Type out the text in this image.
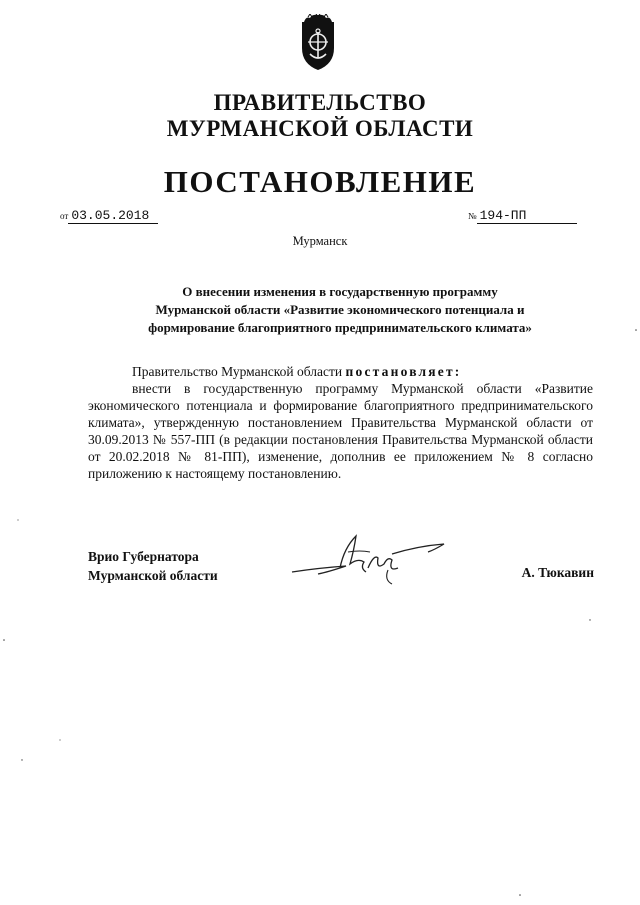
ПРАВИТЕЛЬСТВО
МУРМАНСКОЙ ОБЛАСТИ
ПОСТАНОВЛЕНИЕ
от 03.05.2018	№ 194-ПП
Мурманск
О внесении изменения в государственную программу
Мурманской области «Развитие экономического потенциала и
формирование благоприятного предпринимательского климата»

Правительство Мурманской области постановляет:

внести в государственную программу Мурманской области «Развитие экономического потенциала и формирование благоприятного предпринимательского климата», утвержденную постановлением Правительства Мурманской области от 30.09.2013 № 557-ПП (в редакции постановления Правительства Мурманской области от 20.02.2018 № 81-ПП), изменение, дополнив ее приложением № 8 согласно приложению к настоящему постановлению.

Врио Губернатора
Мурманской области	А. Тюкавин
